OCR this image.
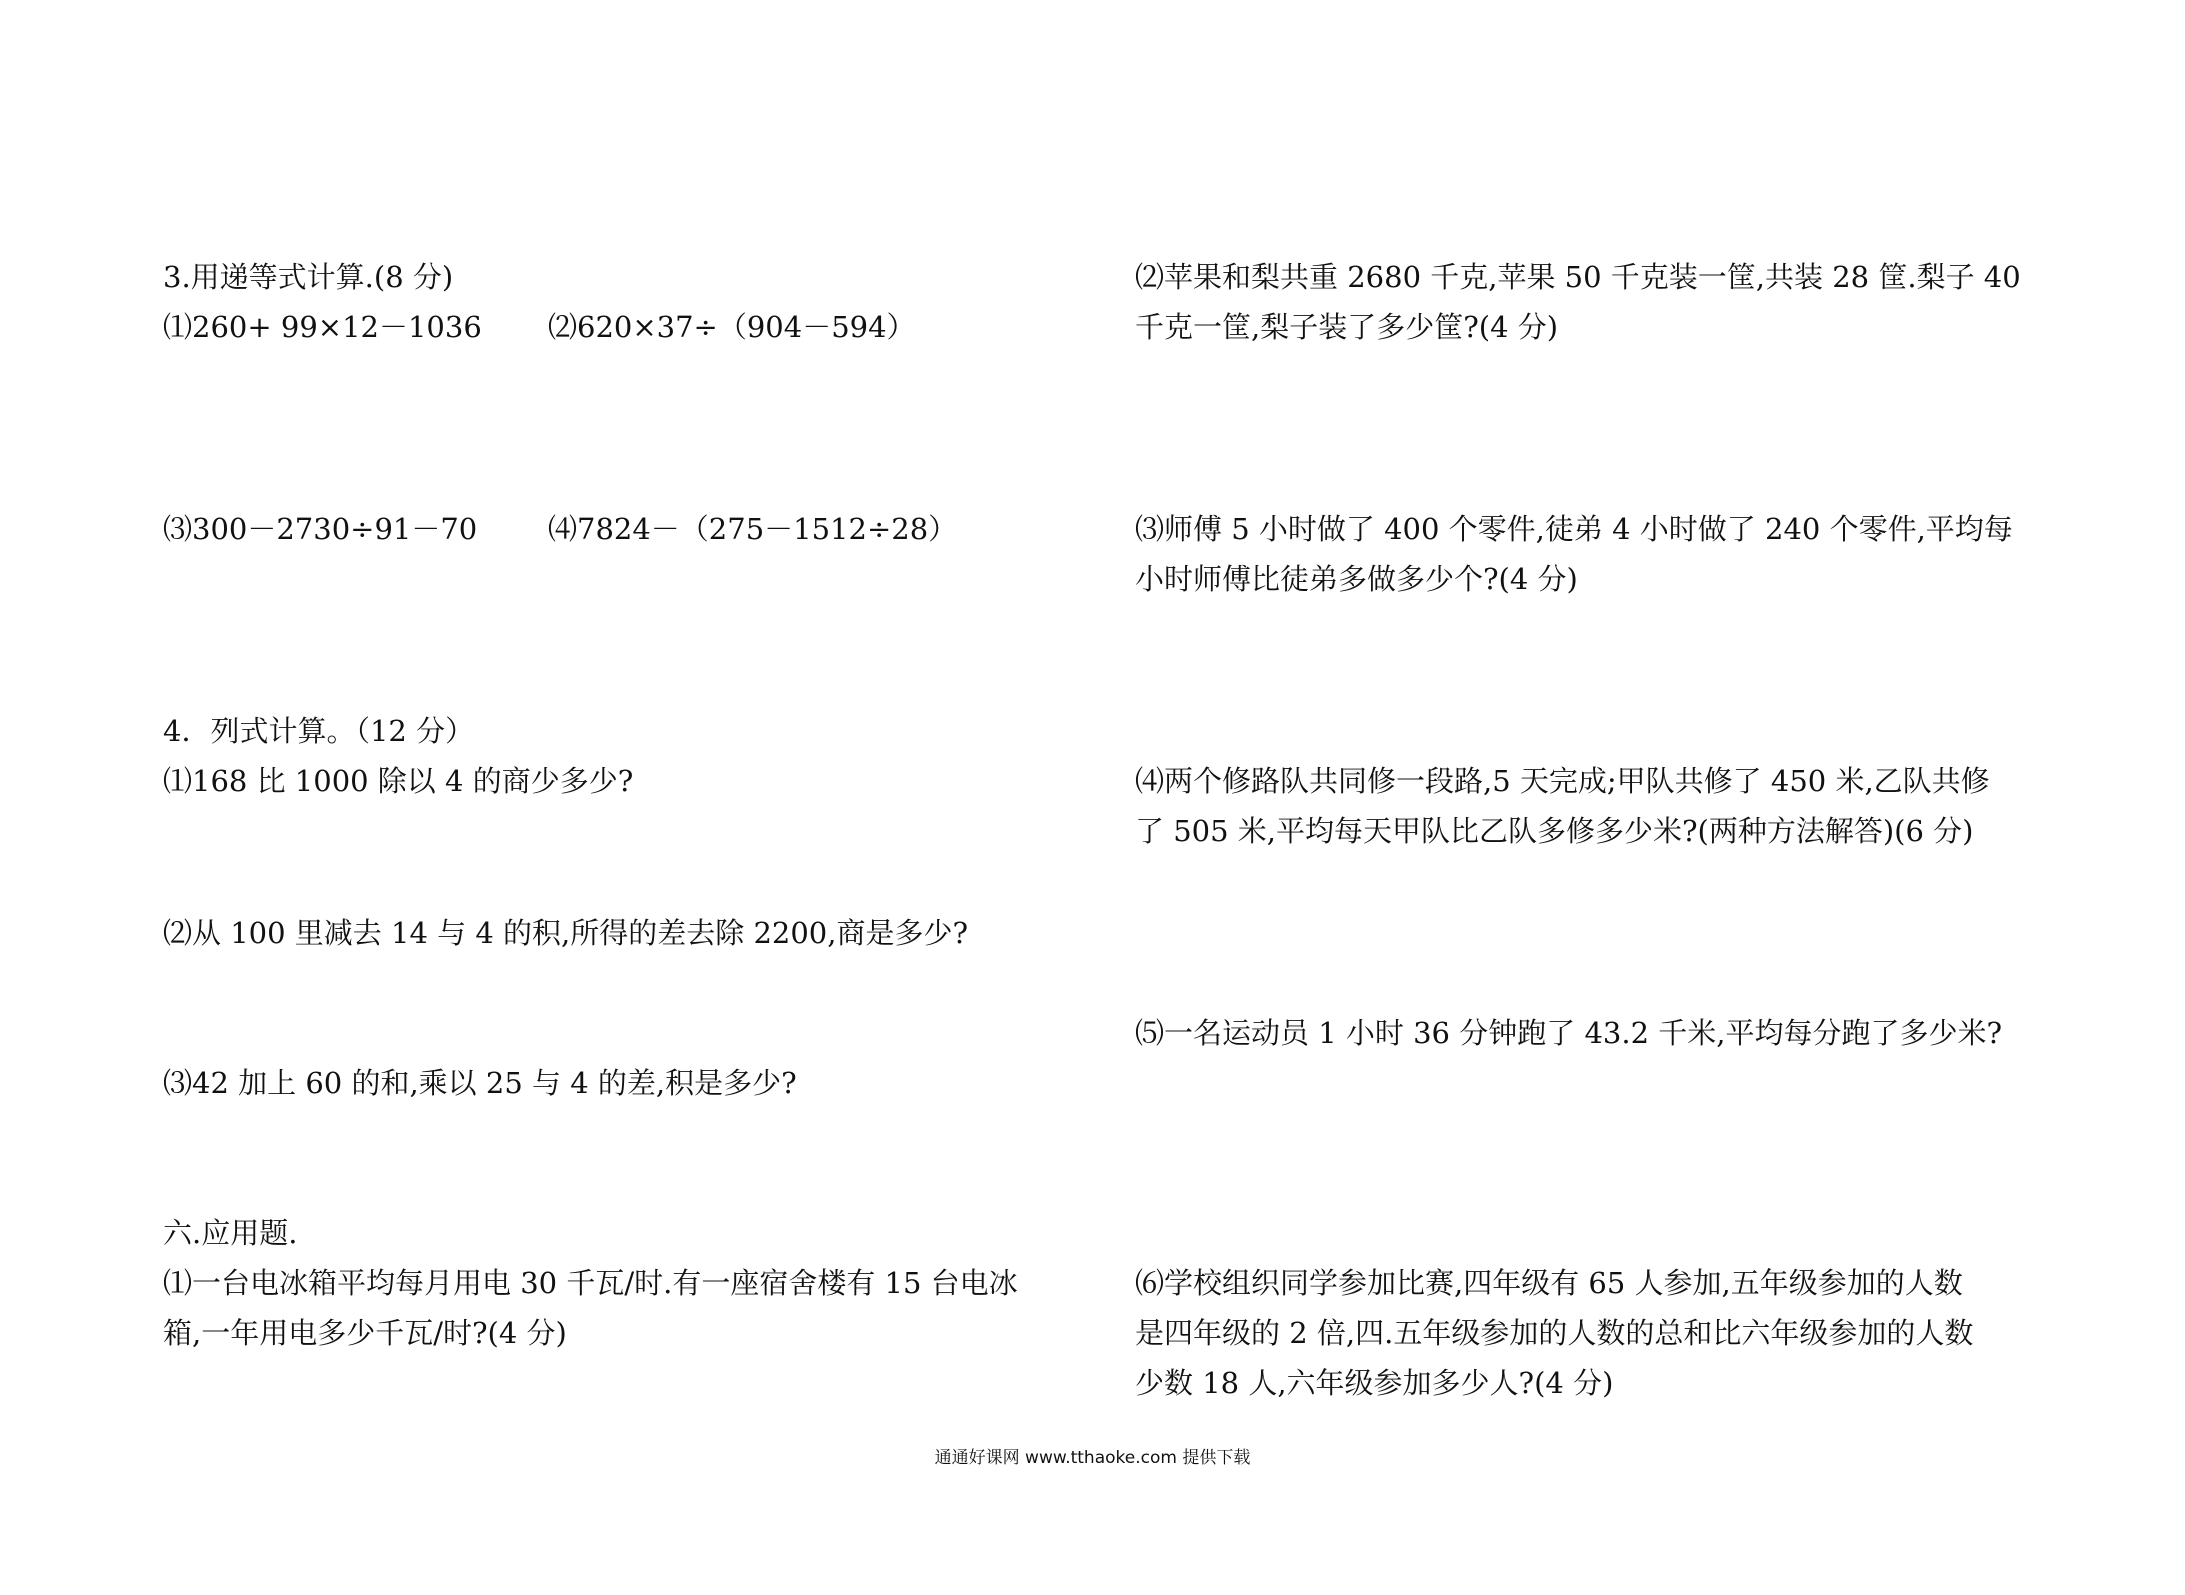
3.用递等式计算.(8 分)
⑴260+ 99×12－1036	⑵620×37÷（904－594）
⑶300－2730÷91－70	⑷7824－（275－1512÷28）
4．列式计算。（12 分）
⑴168 比 1000 除以 4 的商少多少?
⑵从 100 里减去 14 与 4 的积,所得的差去除 2200,商是多少?
⑶42 加上 60 的和,乘以 25 与 4 的差,积是多少?
六.应用题.
⑴一台电冰箱平均每月用电 30 千瓦/时.有一座宿舍楼有 15 台电冰
箱,一年用电多少千瓦/时?(4 分)
⑵苹果和梨共重 2680 千克,苹果 50 千克装一筐,共装 28 筐.梨子 40
千克一筐,梨子装了多少筐?(4 分)
⑶师傅 5 小时做了 400 个零件,徒弟 4 小时做了 240 个零件,平均每
小时师傅比徒弟多做多少个?(4 分)
⑷两个修路队共同修一段路,5 天完成;甲队共修了 450 米,乙队共修
了 505 米,平均每天甲队比乙队多修多少米?(两种方法解答)(6 分)
⑸一名运动员 1 小时 36 分钟跑了 43.2 千米,平均每分跑了多少米?
⑹学校组织同学参加比赛,四年级有 65 人参加,五年级参加的人数
是四年级的 2 倍,四.五年级参加的人数的总和比六年级参加的人数
少数 18 人,六年级参加多少人?(4 分)
通通好课网 www.tthaoke.com 提供下载
